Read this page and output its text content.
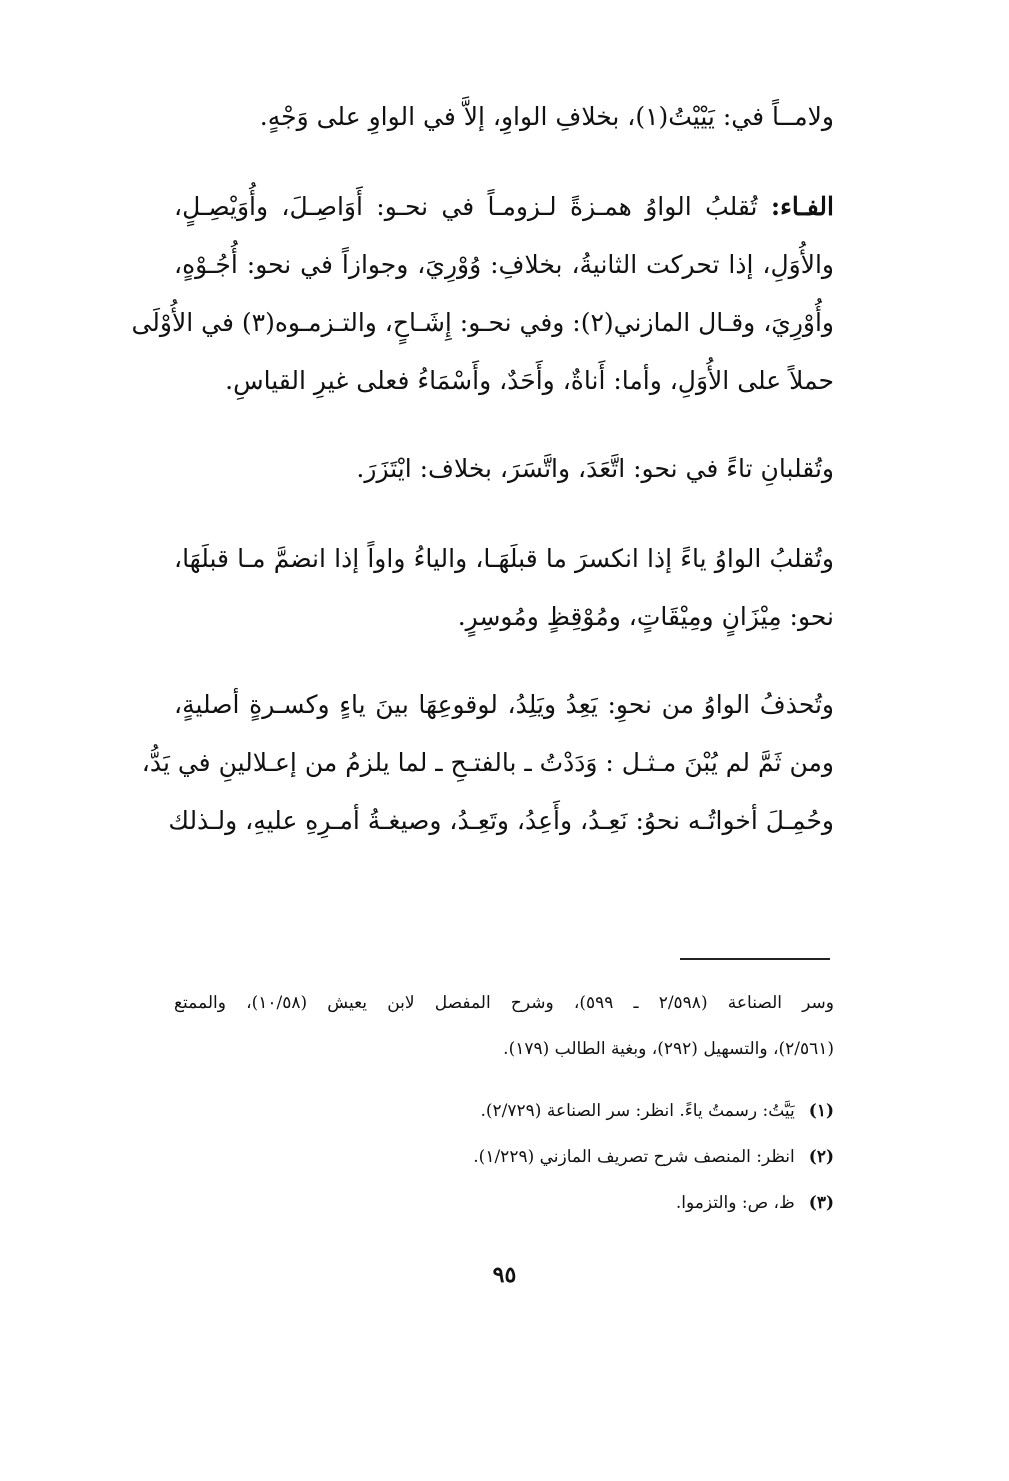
ولامــاً في: يَيْيْتُ(١)، بخلافِ الواوِ، إلاَّ في الواوِ على وَجْهٍ.
الفـاء: تُقلبُ الواوُ همـزةً لـزومـاً في نحـو: أَوَاصِـلَ، وأُوَيْصِـلٍ،
والأُوَلِ، إذا تحركت الثانيةُ، بخلافِ: وُوْرِيَ، وجوازاً في نحو: أُجُـوْهٍ،
وأُوْرِيَ، وقـال المازني(٢): وفي نحـو: إِشَـاحٍ، والتـزمـوه(٣) في الأُوْلَى
حملاً على الأُوَلِ، وأما: أَناةٌ، وأَحَدٌ، وأَسْمَاءُ فعلى غيرِ القياسِ.
وتُقلبانِ تاءً في نحو: اتَّعَدَ، واتَّسَرَ، بخلاف: ايْتَزَرَ.
وتُقلبُ الواوُ ياءً إذا انكسرَ ما قبلَهَـا، والياءُ واواً إذا انضمَّ مـا قبلَهَا،
نحو: مِيْزَانٍ ومِيْقَاتٍ، ومُوْقِظٍ ومُوسِرٍ.
وتُحذفُ الواوُ من نحوِ: يَعِدُ ويَلِدُ، لوقوعِهَا بينَ ياءٍ وكسـرةٍ أصليةٍ،
ومن ثَمَّ لم يُبْنَ مـثـل : وَدَدْتُ ـ بالفتـحِ ـ لما يلزمُ من إعـلالينِ في يَدُّ،
وحُمِـلَ أخواتُـه نحوُ: نَعِـدُ، وأَعِدُ، وتَعِـدُ، وصيغـةُ أمـرِهِ عليهِ، ولـذلك
وسر الصناعة (٢/٥٩٨ ـ ٥٩٩)، وشرح المفصل لابن يعيش (١٠/٥٨)، والممتع
(٢/٥٦١)، والتسهيل (٢٩٢)، وبغية الطالب (١٧٩).
(١)يَيَّتُ: رسمتُ ياءً. انظر: سر الصناعة (٢/٧٢٩).
(٢)انظر: المنصف شرح تصريف المازني (١/٢٢٩).
(٣)ظ، ص: والتزموا.
٩٥
